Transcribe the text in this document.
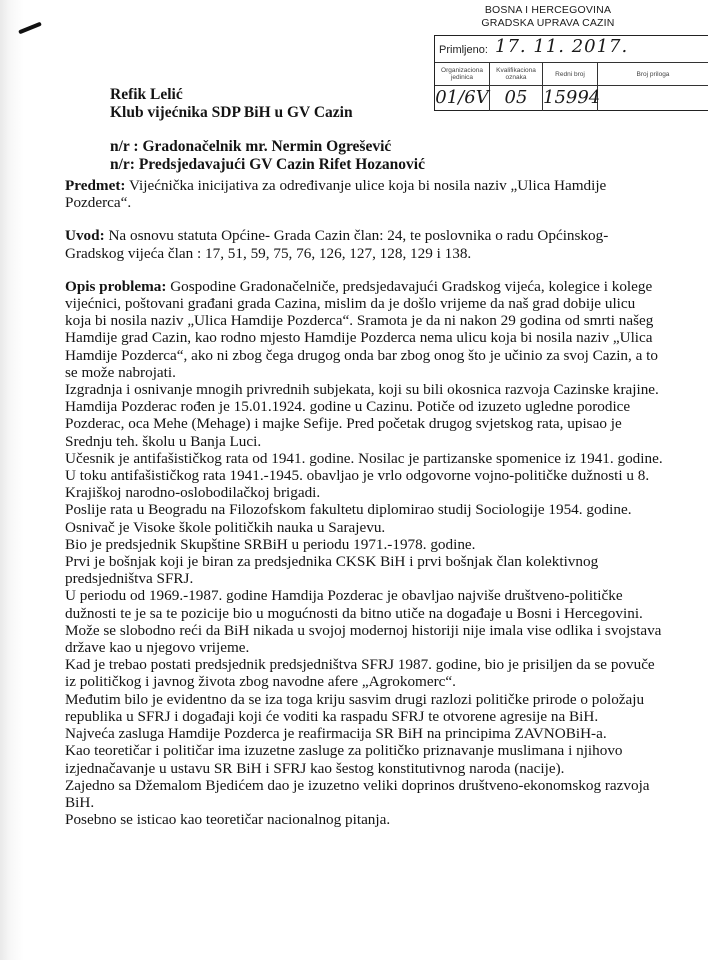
BOSNA I HERCEGOVINA
GRADSKA UPRAVA CAZIN
Primljeno: 17. 11. 2017.
Organizaciona jedinica
01/6V
Kvalifikaciona oznaka
05
Redni broj
15994
Broj priloga
Refik Lelić
Klub vijećnika SDP BiH u GV Cazin
n/r : Gradonačelnik mr. Nermin Ogrešević
n/r: Predsjedavajući GV Cazin Rifet Hozanović

Predmet: Vijećnička inicijativa za određivanje ulice koja bi nosila naziv „Ulica Hamdije Pozderca“.

Uvod: Na osnovu statuta Općine- Grada Cazin član: 24, te poslovnika o radu Općinskog-Gradskog vijeća član : 17, 51, 59, 75, 76, 126, 127, 128, 129 i 138.

Opis problema: Gospodine Gradonačelniče, predsjedavajući Gradskog vijeća, kolegice i kolege vijećnici, poštovani građani grada Cazina, mislim da je došlo vrijeme da naš grad dobije ulicu koja bi nosila naziv „Ulica Hamdije Pozderca“. Sramota je da ni nakon 29 godina od smrti našeg Hamdije grad Cazin, kao rodno mjesto Hamdije Pozderca nema ulicu koja bi nosila naziv „Ulica Hamdije Pozderca“, ako ni zbog čega drugog onda bar zbog onog što je učinio za svoj Cazin, a to se može nabrojati.

Izgradnja i osnivanje mnogih privrednih subjekata, koji su bili okosnica razvoja Cazinske krajine.

Hamdija Pozderac rođen je 15.01.1924. godine u Cazinu. Potiče od izuzeto ugledne porodice Pozderac, oca Mehe (Mehage) i majke Sefije. Pred početak drugog svjetskog rata, upisao je Srednju teh. školu u Banja Luci.

Učesnik je antifašističkog rata od 1941. godine. Nosilac je partizanske spomenice iz 1941. godine.

U toku antifašističkog rata 1941.-1945. obavljao je vrlo odgovorne vojno-političke dužnosti u 8. Krajiškoj narodno-oslobodilačkoj brigadi.

Poslije rata u Beogradu na Filozofskom fakultetu diplomirao studij Sociologije 1954. godine.

Osnivač je Visoke škole političkih nauka u Sarajevu.

Bio je predsjednik Skupštine SRBiH u periodu 1971.-1978. godine.

Prvi je bošnjak koji je biran za predsjednika CKSK BiH i prvi bošnjak član kolektivnog predsjedništva SFRJ.

U periodu od 1969.-1987. godine Hamdija Pozderac je obavljao najviše društveno-političke dužnosti te je sa te pozicije bio u mogućnosti da bitno utiče na događaje u Bosni i Hercegovini.

Može se slobodno reći da BiH nikada u svojoj modernoj historiji nije imala vise odlika i svojstava države kao u njegovo vrijeme.

Kad je trebao postati predsjednik predsjedništva SFRJ 1987. godine, bio je prisiljen da se povuče iz političkog i javnog života zbog navodne afere „Agrokomerc“.

Međutim bilo je evidentno da se iza toga kriju sasvim drugi razlozi političke prirode o položaju republika u SFRJ i događaji koji će voditi ka raspadu SFRJ te otvorene agresije na BiH.

Najveća zasluga Hamdije Pozderca je reafirmacija SR BiH na principima ZAVNOBiH-a.

Kao teoretičar i političar ima izuzetne zasluge za političko priznavanje muslimana i njihovo izjednačavanje u ustavu SR BiH i SFRJ kao šestog konstitutivnog naroda (nacije).

Zajedno sa Džemalom Bjedićem dao je izuzetno veliki doprinos društveno-ekonomskog razvoja BiH.

Posebno se isticao kao teoretičar nacionalnog pitanja.
